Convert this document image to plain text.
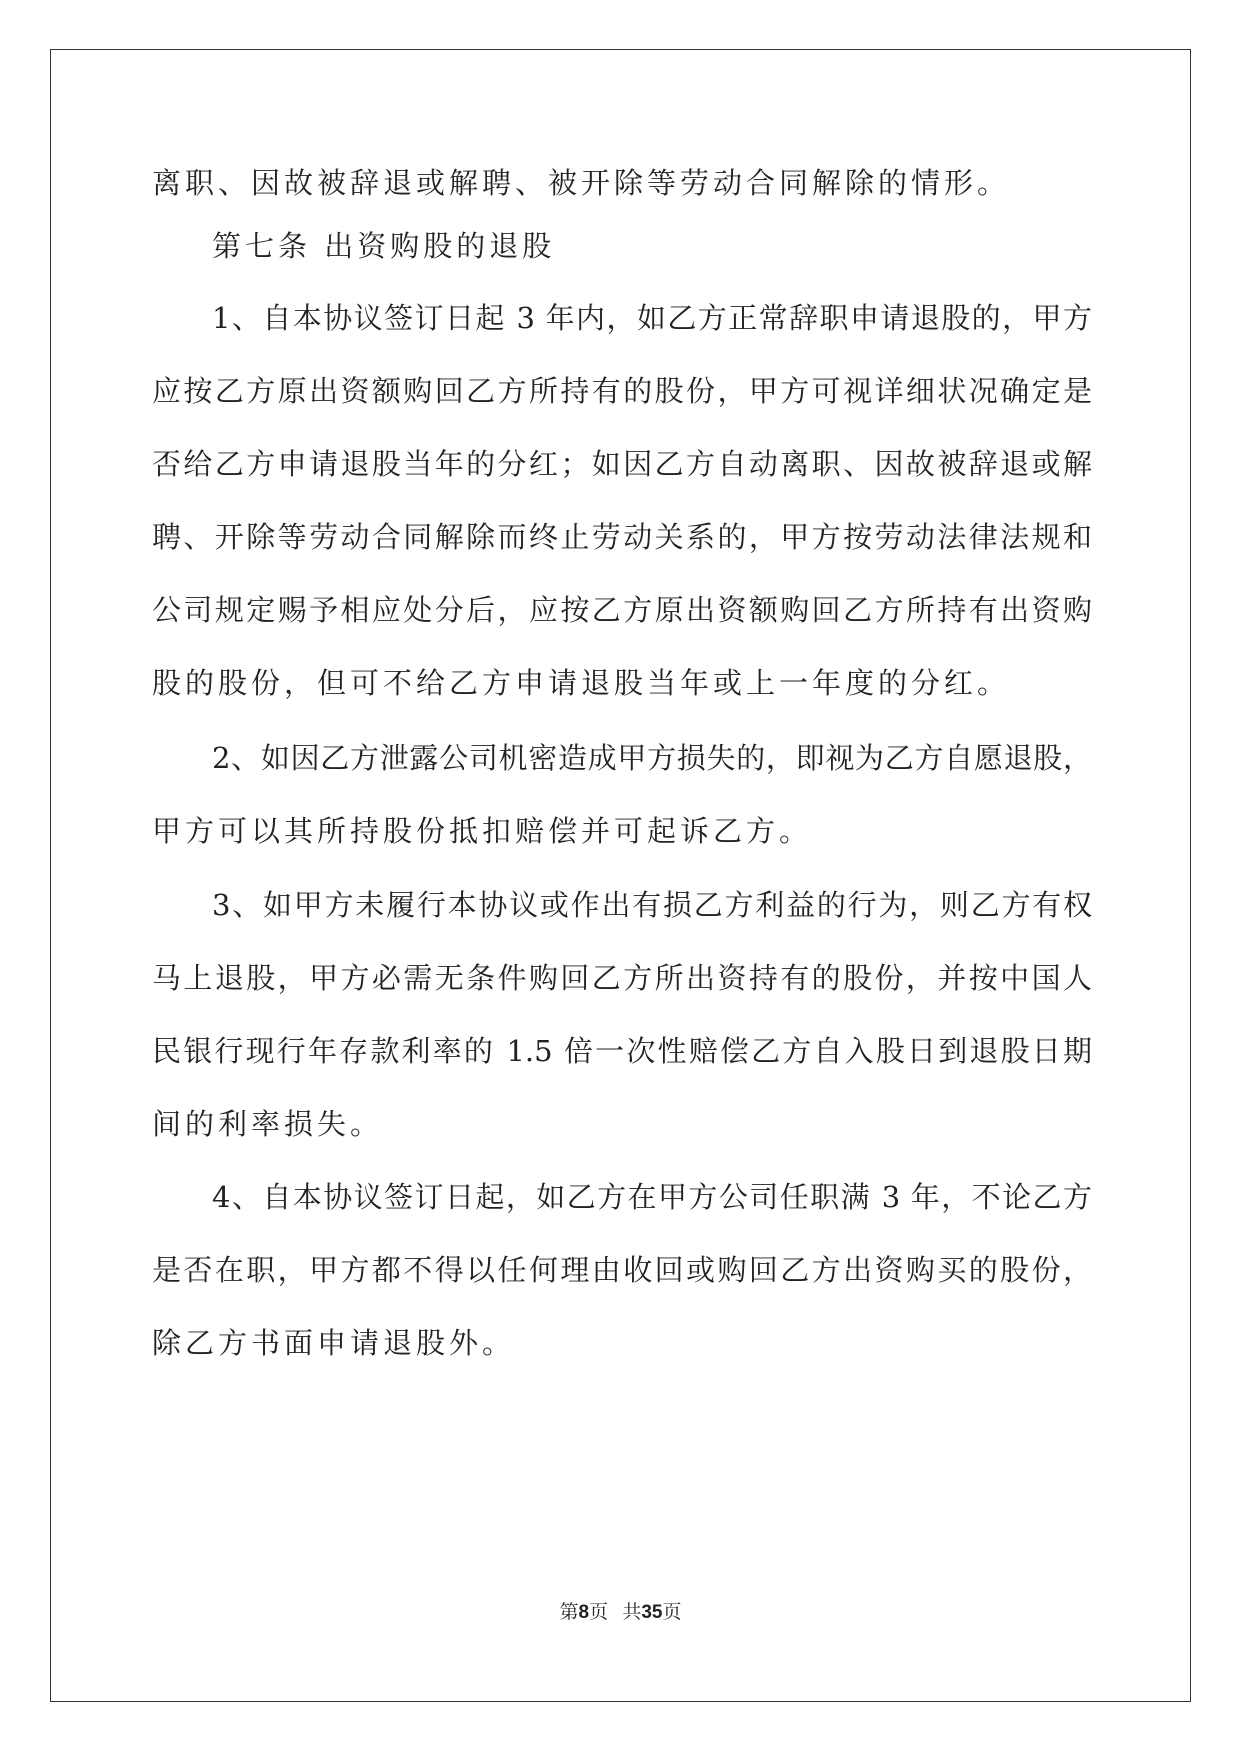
离职、因故被辞退或解聘、被开除等劳动合同解除的情形。
第七条 出资购股的退股
1、自本协议签订日起 3 年内，如乙方正常辞职申请退股的，甲方
应按乙方原出资额购回乙方所持有的股份，甲方可视详细状况确定是
否给乙方申请退股当年的分红；如因乙方自动离职、因故被辞退或解
聘、开除等劳动合同解除而终止劳动关系的，甲方按劳动法律法规和
公司规定赐予相应处分后，应按乙方原出资额购回乙方所持有出资购
股的股份，但可不给乙方申请退股当年或上一年度的分红。
2、如因乙方泄露公司机密造成甲方损失的，即视为乙方自愿退股，
甲方可以其所持股份抵扣赔偿并可起诉乙方。
3、如甲方未履行本协议或作出有损乙方利益的行为，则乙方有权
马上退股，甲方必需无条件购回乙方所出资持有的股份，并按中国人
民银行现行年存款利率的 1.5 倍一次性赔偿乙方自入股日到退股日期
间的利率损失。
4、自本协议签订日起，如乙方在甲方公司任职满 3 年，不论乙方
是否在职，甲方都不得以任何理由收回或购回乙方出资购买的股份，
除乙方书面申请退股外。
第8页 共35页
